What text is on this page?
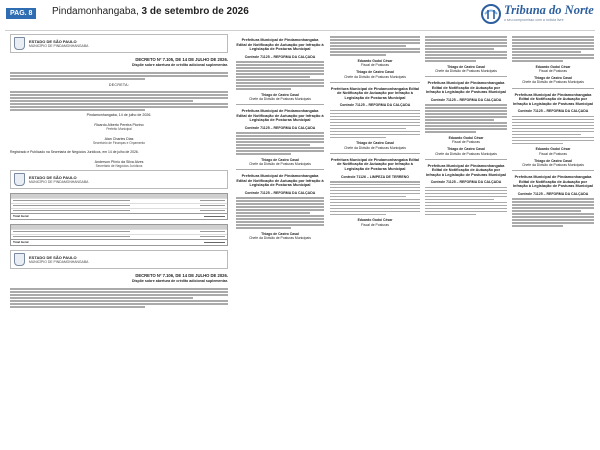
PAG. 8	Pindamonhangaba, 3 de setembro de 2026	Tribuna do Norte
o seu compromisso com a notícia livre
ESTADO DE SÃO PAULO
MUNICÍPIO DE PINDAMONHANGABA
DECRETO Nº 7.105, DE 14 DE JULHO DE 2026.
Dispõe sobre abertura de crédito adicional suplementar.
DECRETA:
Pindamonhangaba, 14 de julho de 2026.
Ricardo Alberto Pereira Piorino
Prefeito Municipal
Alan Charles Dias
Secretário de Finanças e Orçamento
Registrado e Publicado na Secretaria de Negócios Jurídicos, em 14 de julho de 2026.
Anderson Plínio da Silva Alves
Secretário de Negócios Jurídicos
ESTADO DE SÃO PAULO
MUNICÍPIO DE PINDAMONHANGABA
Total Geral
Total Geral
ESTADO DE SÃO PAULO
MUNICÍPIO DE PINDAMONHANGABA
DECRETO Nº 7.106, DE 14 DE JULHO DE 2026.
Dispõe sobre abertura de crédito adicional suplementar.
Prefeitura Municipal de Pindamonhangaba Edital de Notificação de Autuação por Infração à Legislação de Posturas Municipal
Controle 71125 – REFORMA DA CALÇADA
Thiago de Castro Casal
Chefe da Divisão de Posturas Municipais
Prefeitura Municipal de Pindamonhangaba Edital de Notificação de Autuação por Infração à Legislação de Posturas Municipal
Controle 71125 – REFORMA DA CALÇADA
Thiago de Castro Casal
Chefe da Divisão de Posturas Municipais
Prefeitura Municipal de Pindamonhangaba Edital de Notificação de Autuação por Infração à Legislação de Posturas Municipal
Controle 71125 – REFORMA DA CALÇADA
Thiago de Castro Casal
Chefe da Divisão de Posturas Municipais
Eduardo Godoi César
Fiscal de Posturas
Thiago de Castro Casal
Chefe da Divisão de Posturas Municipais
Prefeitura Municipal de Pindamonhangaba Edital de Notificação de Autuação por Infração à Legislação de Posturas Municipal
Controle 71125 – REFORMA DA CALÇADA
Thiago de Castro Casal
Chefe da Divisão de Posturas Municipais
Prefeitura Municipal de Pindamonhangaba Edital de Notificação de Autuação por Infração à Legislação de Posturas Municipal
Controle 71126 – LIMPEZA DE TERRENO
Eduardo Godoi César
Fiscal de Posturas
Thiago de Castro Casal
Chefe da Divisão de Posturas Municipais
Prefeitura Municipal de Pindamonhangaba Edital de Notificação de Autuação por Infração à Legislação de Posturas Municipal
Controle 71125 – REFORMA DA CALÇADA
Eduardo Godoi César
Fiscal de Posturas
Thiago de Castro Casal
Chefe da Divisão de Posturas Municipais
Prefeitura Municipal de Pindamonhangaba Edital de Notificação de Autuação por Infração à Legislação de Posturas Municipal
Controle 71125 – REFORMA DA CALÇADA
Eduardo Godoi César
Fiscal de Posturas
Thiago de Castro Casal
Chefe da Divisão de Posturas Municipais
Prefeitura Municipal de Pindamonhangaba Edital de Notificação de Autuação por Infração à Legislação de Posturas Municipal
Controle 71125 – REFORMA DA CALÇADA
Eduardo Godoi César
Fiscal de Posturas
Thiago de Castro Casal
Chefe da Divisão de Posturas Municipais
Prefeitura Municipal de Pindamonhangaba Edital de Notificação de Autuação por Infração à Legislação de Posturas Municipal
Controle 71125 – REFORMA DA CALÇADA
